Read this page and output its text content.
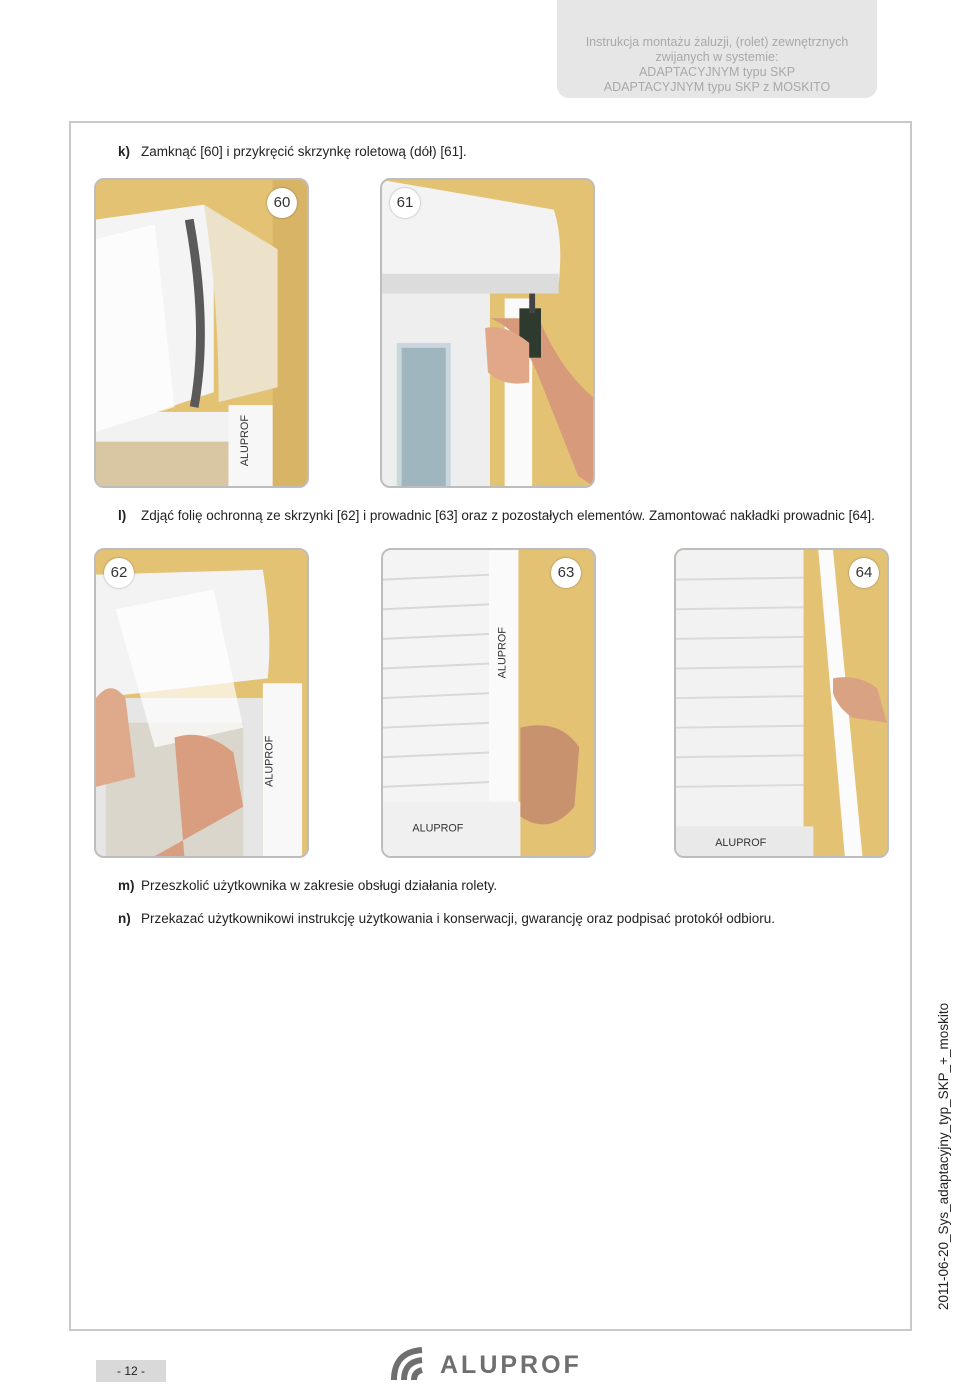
Instrukcja montażu żaluzji, (rolet) zewnętrznych
zwijanych w systemie:
ADAPTACYJNYM typu SKP
ADAPTACYJNYM typu SKP z MOSKITO
k) Zamknąć [60] i przykręcić skrzynkę roletową (dół) [61].
ALUPROF
60	61
l) Zdjąć folię ochronną ze skrzynki [62] i prowadnic [63] oraz z pozostałych elementów. Zamontować nakładki prowadnic [64].
ALUPROF
62
ALUPROF
ALUPROF
63
ALUPROF
64
m) Przeszkolić użytkownika w zakresie obsługi działania rolety.
n) Przekazać użytkownikowi instrukcję użytkowania i konserwacji, gwarancję oraz podpisać protokół odbioru.
2011-06-20_Sys_adaptacyjny_typ_SKP_+_moskito
- 12 -	ALUPROF
